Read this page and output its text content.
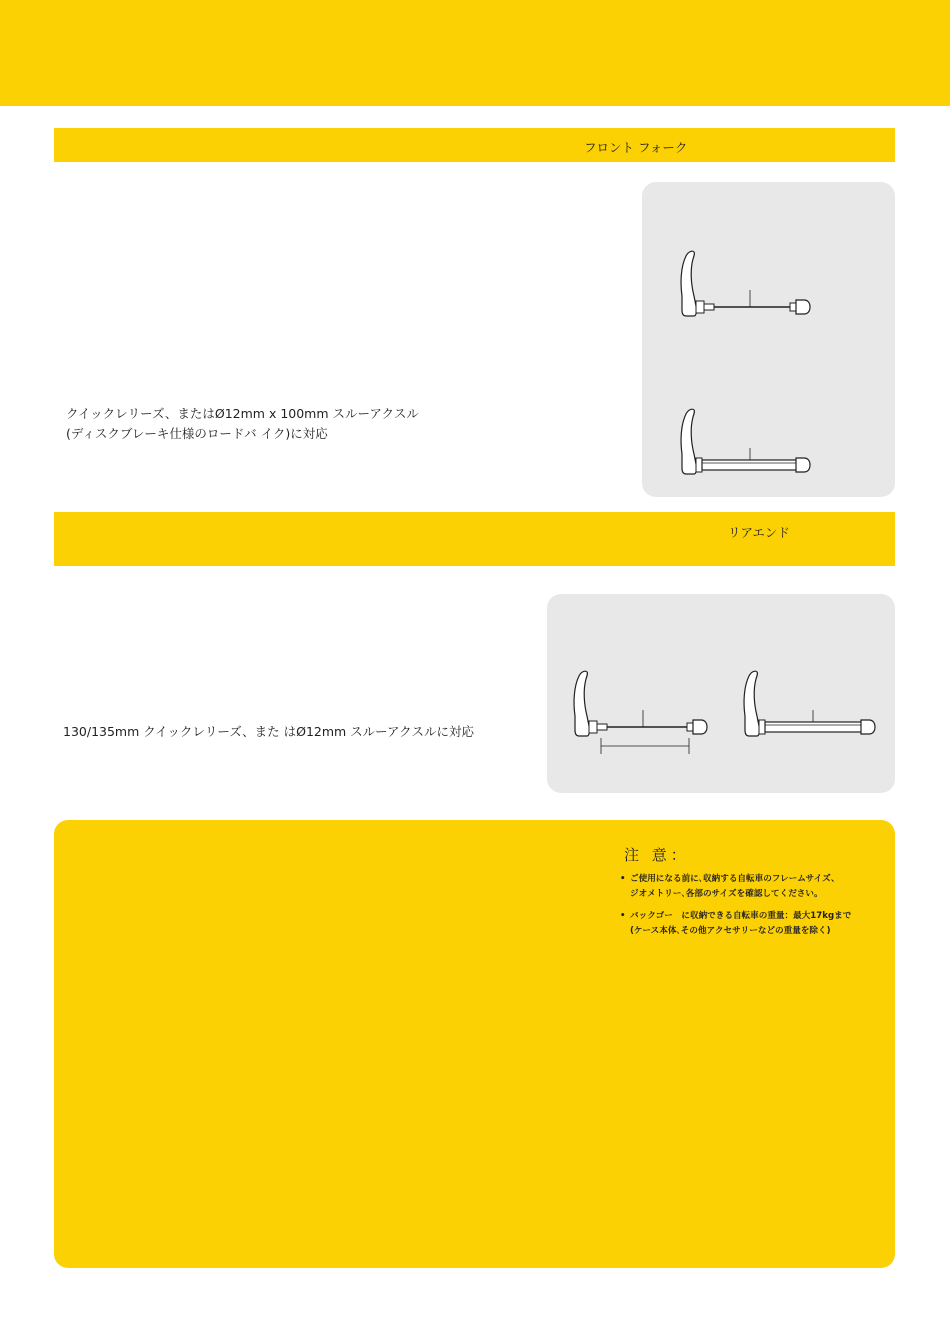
フロント フォーク
クイックレリーズ、またはØ12mm x 100mm スルーアクスル
(ディスクブレーキ仕様のロードバ イク)に対応
リアエンド
130/135mm クイックレリーズ、また はØ12mm スルーアクスルに対応
注 意：
• ご使用になる前に､収納する自転車のフレームサイズ、
ジオメトリー､各部のサイズを確認してください。
• バックゴー　に収納できる自転車の重量：最大17kgまで
(ケース本体､その他アクセサリーなどの重量を除く)
